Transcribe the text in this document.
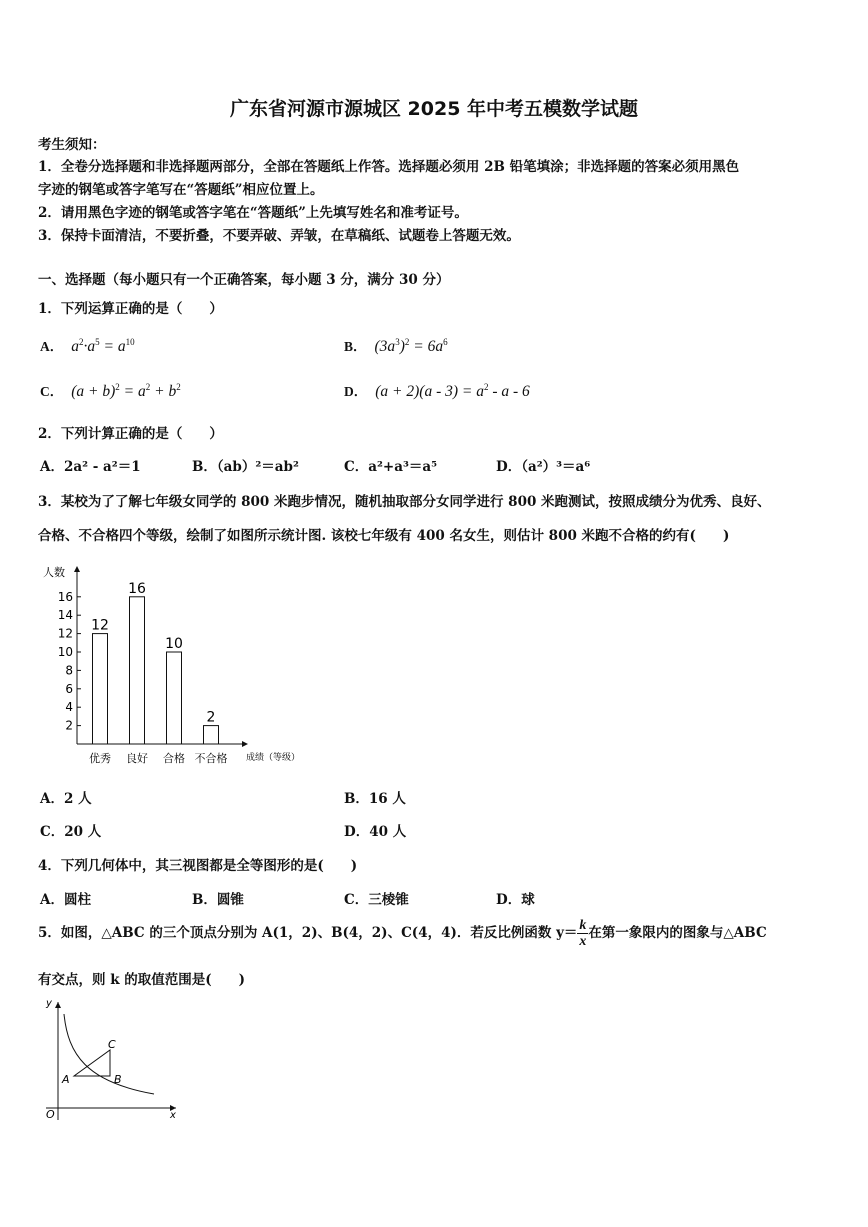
广东省河源市源城区 2025 年中考五模数学试题
考生须知：
1．全卷分选择题和非选择题两部分，全部在答题纸上作答。选择题必须用 2B 铅笔填涂；非选择题的答案必须用黑色
字迹的钢笔或答字笔写在“答题纸”相应位置上。
2．请用黑色字迹的钢笔或答字笔在“答题纸”上先填写姓名和准考证号。
3．保持卡面清洁，不要折叠，不要弄破、弄皱，在草稿纸、试题卷上答题无效。
一、选择题（每小题只有一个正确答案，每小题 3 分，满分 30 分）
1．下列运算正确的是（　　）
A． $a^2\cdot a^5 = a^{10}$	B． $(3a^3)^2 = 6a^6$
C． $(a + b)^2 = a^2 + b^2$	D． $(a + 2)(a - 3) = a^2 - a - 6$
2．下列计算正确的是（　　）
A．2a² - a²＝1	B．（ab）²＝ab²	C．a²+a³＝a⁵	D．（a²）³＝a⁶
3．某校为了了解七年级女同学的 800 米跑步情况，随机抽取部分女同学进行 800 米跑测试，按照成绩分为优秀、良好、
合格、不合格四个等级，绘制了如图所示统计图. 该校七年级有 400 名女生，则估计 800 米跑不合格的约有(　　)
2
4
6
8
10
12
14
16
人数
成绩（等级）
12
优秀
16
良好
10
合格
2
不合格
A．2 人	B．16 人
C．20 人	D．40 人
4．下列几何体中，其三视图都是全等图形的是(　　)
A．圆柱	B．圆锥	C．三棱锥	D．球
5．如图，△ABC 的三个顶点分别为 A(1，2)、B(4，2)、C(4，4)．若反比例函数 $y= \frac{k}{x}$ 在第一象限内的图象与△ABC
有交点，则 k 的取值范围是(　　)
y
x
O
A	B
C
